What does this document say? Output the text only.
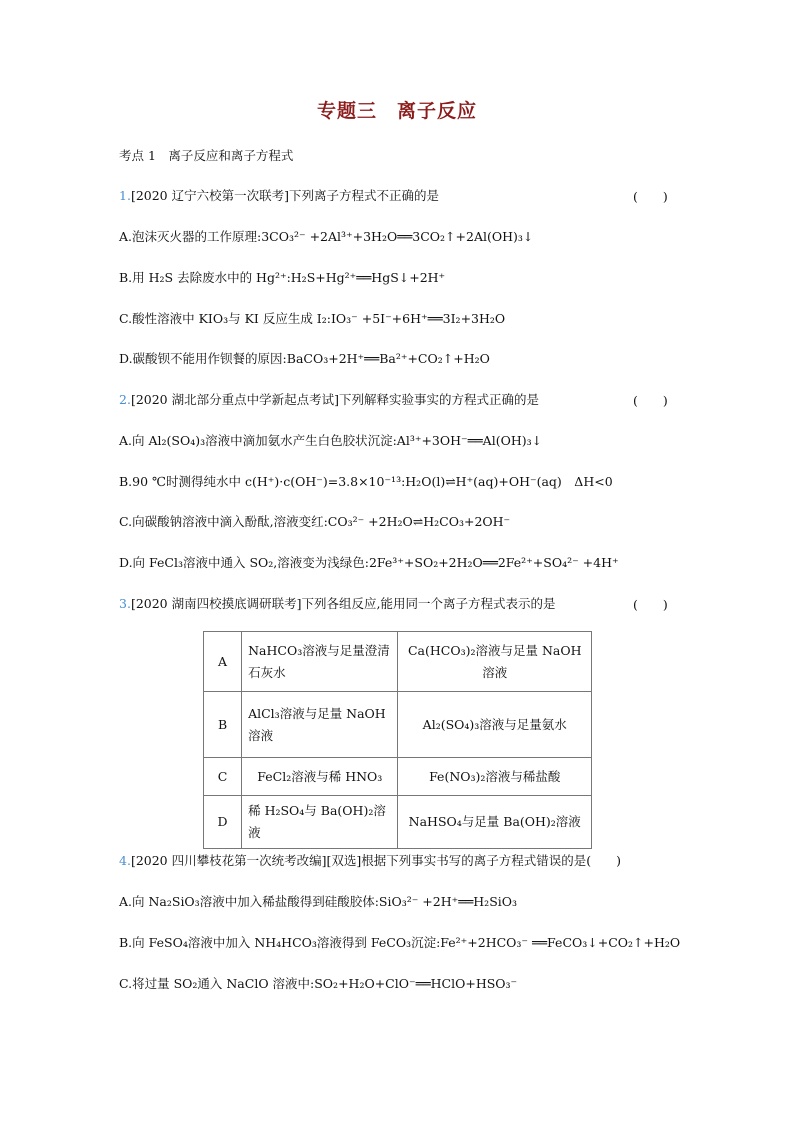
专题三　离子反应
考点 1　离子反应和离子方程式
1.[2020 辽宁六校第一次联考]下列离子方程式不正确的是	(　　)
A.泡沫灭火器的工作原理:3CO₃²⁻ +2Al³⁺+3H₂O══3CO₂↑+2Al(OH)₃↓
B.用 H₂S 去除废水中的 Hg²⁺:H₂S+Hg²⁺══HgS↓+2H⁺
C.酸性溶液中 KIO₃与 KI 反应生成 I₂:IO₃⁻ +5I⁻+6H⁺══3I₂+3H₂O
D.碳酸钡不能用作钡餐的原因:BaCO₃+2H⁺══Ba²⁺+CO₂↑+H₂O
2.[2020 湖北部分重点中学新起点考试]下列解释实验事实的方程式正确的是	(　　)
A.向 Al₂(SO₄)₃溶液中滴加氨水产生白色胶状沉淀:Al³⁺+3OH⁻══Al(OH)₃↓
B.90 ℃时测得纯水中 c(H⁺)·c(OH⁻)=3.8×10⁻¹³:H₂O(l)⇌H⁺(aq)+OH⁻(aq)　ΔH<0
C.向碳酸钠溶液中滴入酚酞,溶液变红:CO₃²⁻ +2H₂O⇌H₂CO₃+2OH⁻
D.向 FeCl₃溶液中通入 SO₂,溶液变为浅绿色:2Fe³⁺+SO₂+2H₂O══2Fe²⁺+SO₄²⁻ +4H⁺
3.[2020 湖南四校摸底调研联考]下列各组反应,能用同一个离子方程式表示的是	(　　)
A	NaHCO₃溶液与足量澄清石灰水	Ca(HCO₃)₂溶液与足量 NaOH 溶液
B	AlCl₃溶液与足量 NaOH溶液	Al₂(SO₄)₃溶液与足量氨水
C	FeCl₂溶液与稀 HNO₃	Fe(NO₃)₂溶液与稀盐酸
D	稀 H₂SO₄与 Ba(OH)₂溶液	NaHSO₄与足量 Ba(OH)₂溶液
4.[2020 四川攀枝花第一次统考改编][双选]根据下列事实书写的离子方程式错误的是(　　)
A.向 Na₂SiO₃溶液中加入稀盐酸得到硅酸胶体:SiO₃²⁻ +2H⁺══H₂SiO₃
B.向 FeSO₄溶液中加入 NH₄HCO₃溶液得到 FeCO₃沉淀:Fe²⁺+2HCO₃⁻ ══FeCO₃↓+CO₂↑+H₂O
C.将过量 SO₂通入 NaClO 溶液中:SO₂+H₂O+ClO⁻══HClO+HSO₃⁻
